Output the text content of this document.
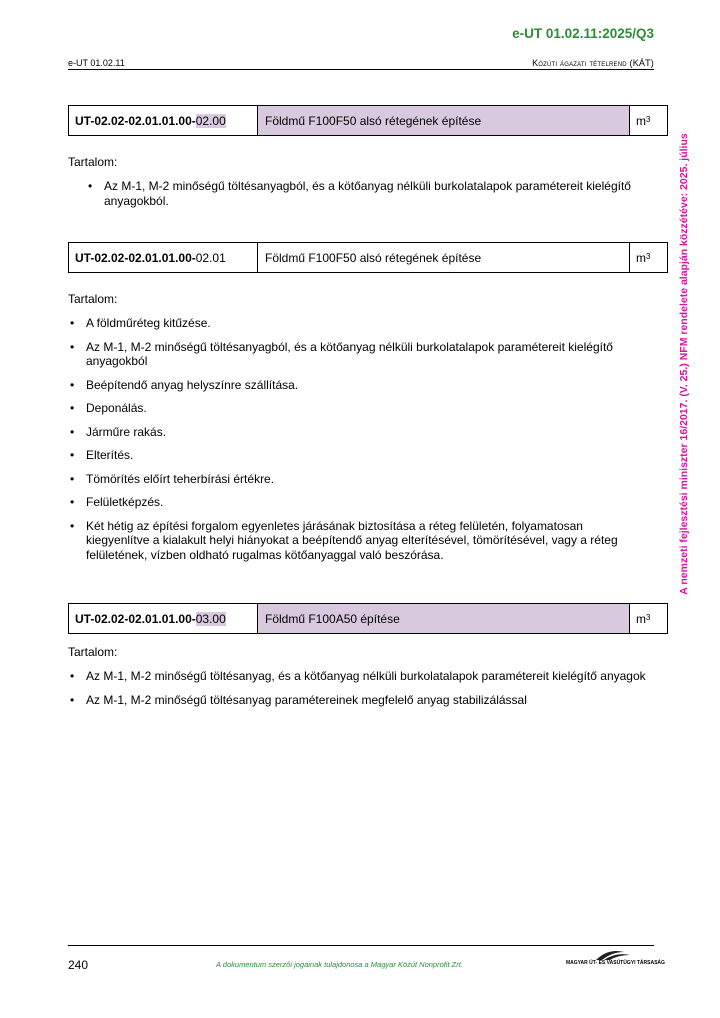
e-UT 01.02.11:2025/Q3
e-UT 01.02.11	Közúti ágazati tételrend (KÁT)
A nemzeti fejlesztési miniszter 16/2017. (V. 25.) NFM rendelete alapján közzétéve: 2025. július
UT-02.02-02.01.01.00- 02.00	Földmű F100F50 alsó rétegének építése	$m^3$
Tartalom:
• Az M-1, M-2 minőségű töltésanyagból, és a kötőanyag nélküli burkolatalapok paramétereit kielégítő anyagokból.
UT-02.02-02.01.01.00- 02.01	Földmű F100F50 alsó rétegének építése	$m^3$
Tartalom:
• A földműréteg kitűzése.
• Az M-1, M-2 minőségű töltésanyagból, és a kötőanyag nélküli burkolatalapok paramétereit kielégítő anyagokból
• Beépítendő anyag helyszínre szállítása.
• Deponálás.
• Járműre rakás.
• Elterítés.
• Tömörítés előírt teherbírási értékre.
• Felületképzés.
• Két hétig az építési forgalom egyenletes járásának biztosítása a réteg felületén, folyamatosan kiegyenlítve a kialakult helyi hiányokat a beépítendő anyag elterítésével, tömörítésével, vagy a réteg felületének, vízben oldható rugalmas kötőanyaggal való beszórása.
UT-02.02-02.01.01.00- 03.00	Földmű F100A50 építése	$m^3$
Tartalom:
• Az M-1, M-2 minőségű töltésanyag, és a kötőanyag nélküli burkolatalapok paramétereit kielégítő anyagok
• Az M-1, M-2 minőségű töltésanyag paramétereinek megfelelő anyag stabilizálással
240	A dokumentum szerzői jogainak tulajdonosa a Magyar Közút Nonprofit Zrt.	MAGYAR ÚT- ÉS VASÚTÜGYI TÁRSASÁG
